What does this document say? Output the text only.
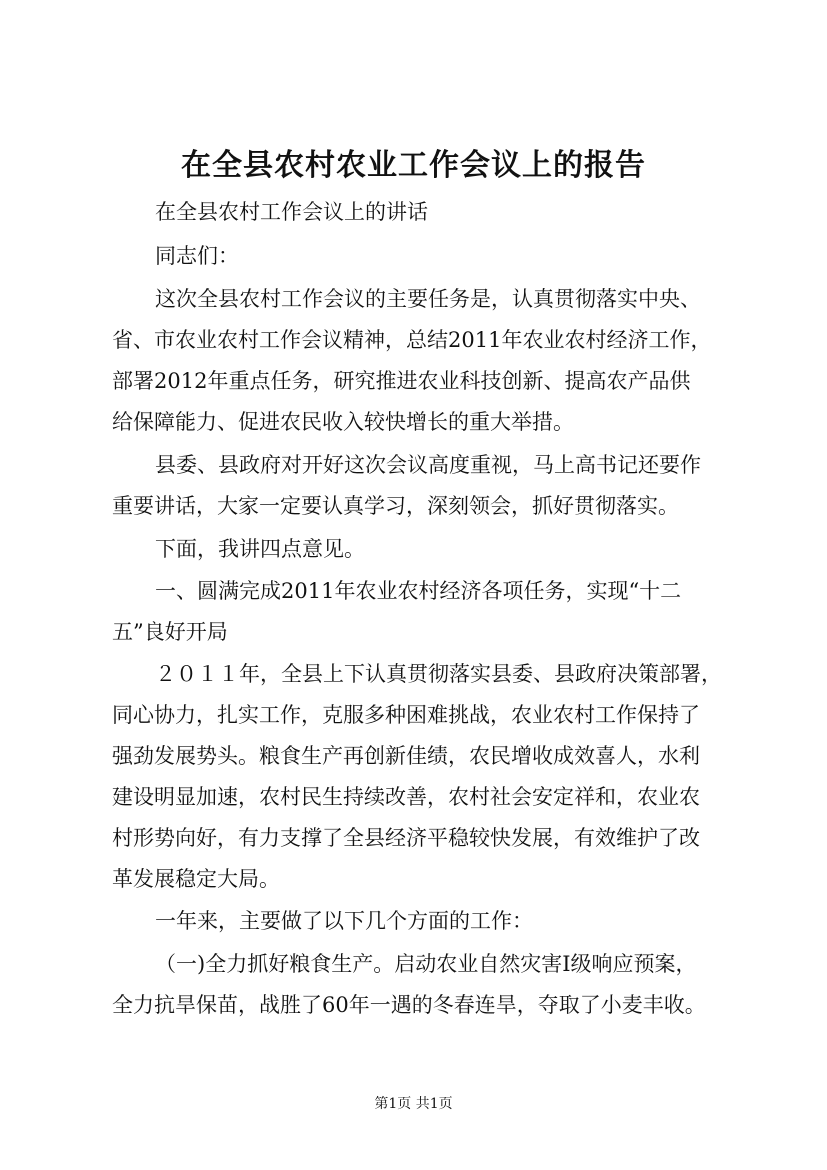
在全县农村农业工作会议上的报告
在全县农村工作会议上的讲话
同志们：
这次全县农村工作会议的主要任务是，认真贯彻落实中央、
省、市农业农村工作会议精神，总结2011年农业农村经济工作，
部署2012年重点任务，研究推进农业科技创新、提高农产品供
给保障能力、促进农民收入较快增长的重大举措。
县委、县政府对开好这次会议高度重视，马上高书记还要作
重要讲话，大家一定要认真学习，深刻领会，抓好贯彻落实。
下面，我讲四点意见。
一、圆满完成2011年农业农村经济各项任务，实现“十二
五”良好开局
２０１１年，全县上下认真贯彻落实县委、县政府决策部署，
同心协力，扎实工作，克服多种困难挑战，农业农村工作保持了
强劲发展势头。粮食生产再创新佳绩，农民增收成效喜人，水利
建设明显加速，农村民生持续改善，农村社会安定祥和，农业农
村形势向好，有力支撑了全县经济平稳较快发展，有效维护了改
革发展稳定大局。
一年来，主要做了以下几个方面的工作：
（一)全力抓好粮食生产。启动农业自然灾害Ⅰ级响应预案，
全力抗旱保苗，战胜了60年一遇的冬春连旱，夺取了小麦丰收。
第1页 共1页
